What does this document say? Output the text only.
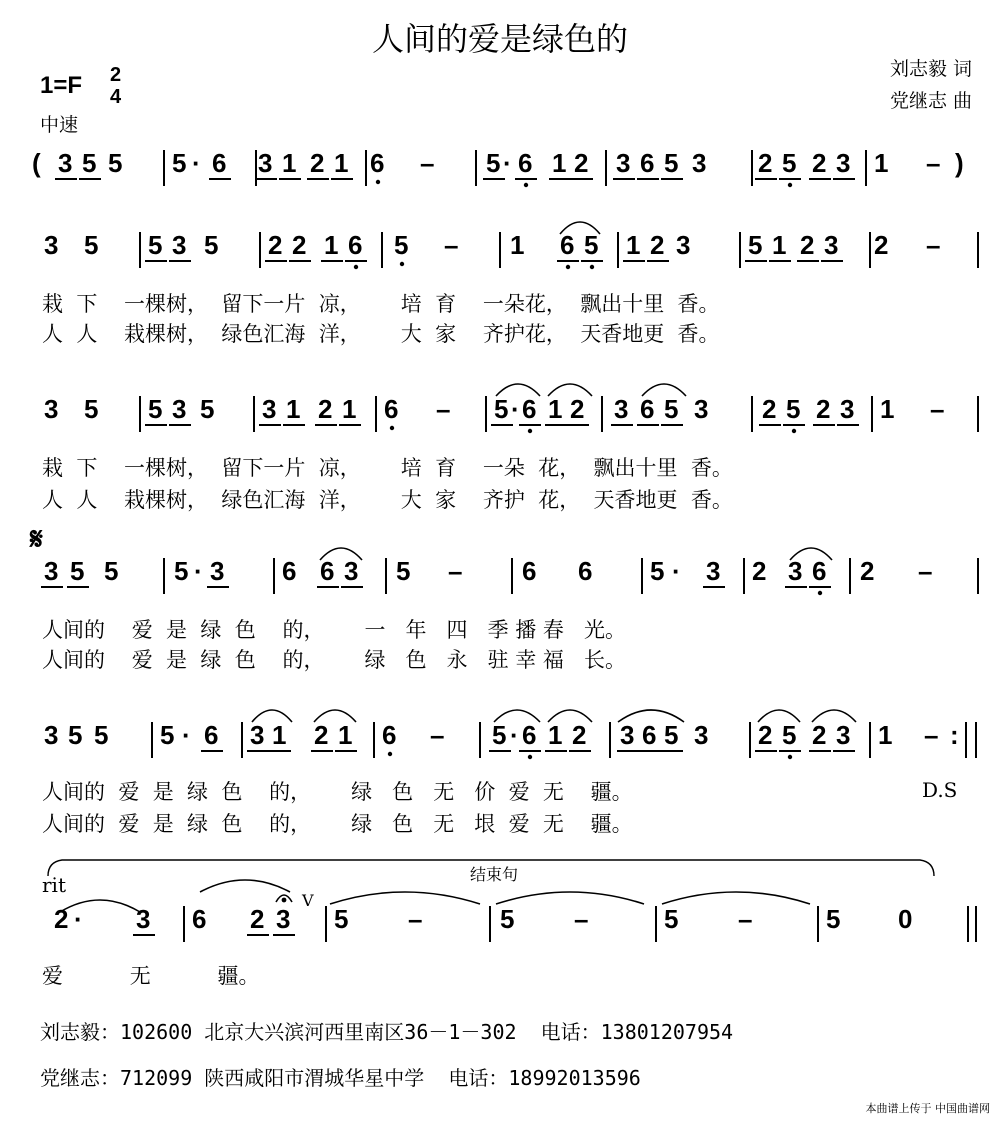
人间的爱是绿色的
刘志毅 词
党继志 曲
1=F 2
4
中速
( 3 5 5 5 · 6 3 1 2 1 6 – 5 · 6 1 2 3 6 5 3 2 5 2 3 1 – )
3 5 5 3 5 2 2 1 6 5 – 1 6 5 1 2 3 5 1 2 3 2 –
3 5 5 3 5 3 1 2 1 6 – 5 · 6 1 2 3 6 5 3 2 5 2 3 1 –
3 5 5 5 · 3 6 6 3 5 – 6 6 5 · 3 2 3 6 2 –
3 5 5 5 · 6 3 1 2 1 6 – 5 · 6 1 2 3 6 5 3 2 5 2 3 1 – :
2 · 3 6 2 3 5 –	5 –	5 –	5 0
V
栽  下    一棵树，  留下一片  凉，      培  育    一朵花，  飘出十里  香。
人  人    栽棵树，  绿色汇海  洋，      大  家    齐护花，  天香地更  香。
栽  下    一棵树，  留下一片  凉，      培  育    一朵  花，  飘出十里  香。
人  人    栽棵树，  绿色汇海  洋，      大  家    齐护  花，  天香地更  香。
𝄋
人间的    爱  是  绿  色    的，      一   年   四   季 播 春   光。
人间的    爱  是  绿  色    的，      绿   色   永   驻 幸 福   长。
人间的  爱  是  绿  色    的，      绿   色   无   价  爱  无    疆。	D.S
人间的  爱  是  绿  色    的，      绿   色   无   垠  爱  无    疆。
rit	结束句
爱          无          疆。
刘志毅：102600 北京大兴滨河西里南区36－1－302  电话：13801207954
党继志：712099 陕西咸阳市渭城华星中学  电话：18992013596
本曲谱上传于 中国曲谱网
